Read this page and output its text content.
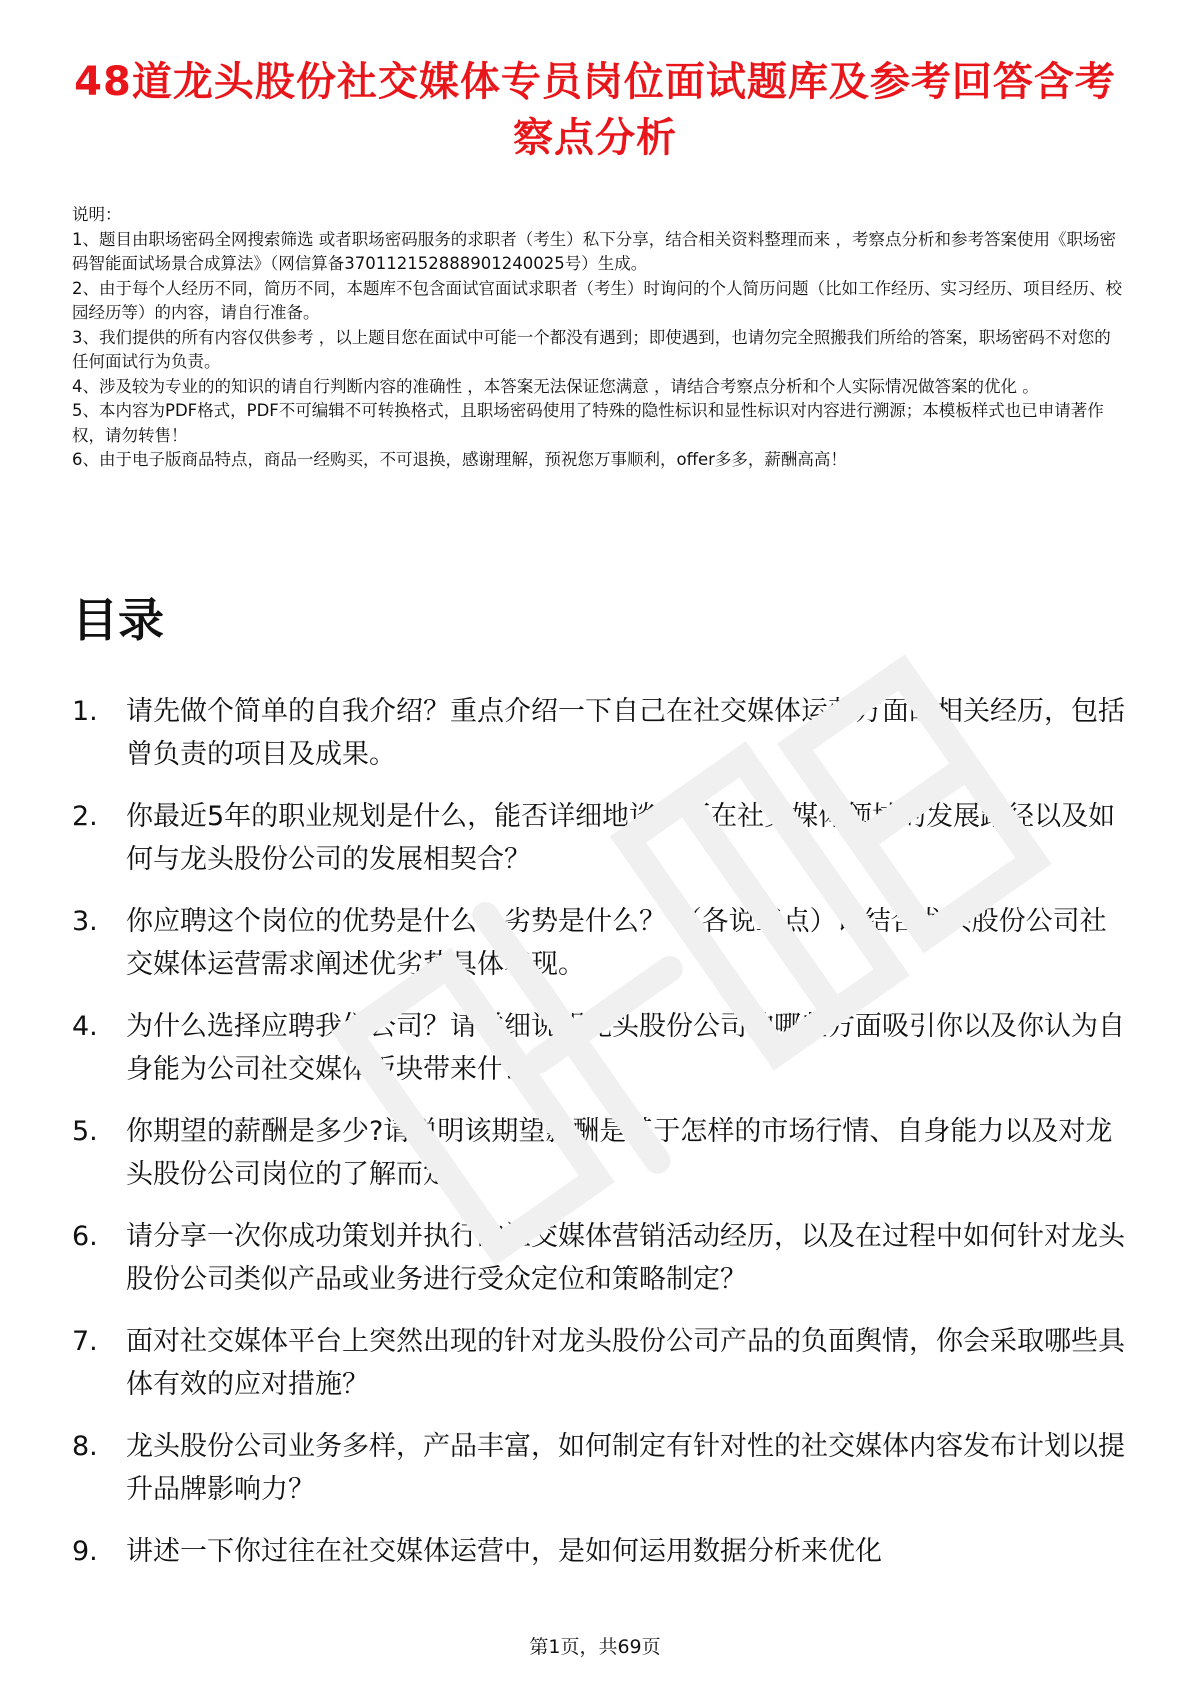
48道龙头股份社交媒体专员岗位面试题库及参考回答含考察点分析

说明：

1、题目由职场密码全网搜索筛选 或者职场密码服务的求职者（考生）私下分享，结合相关资料整理而来 ，考察点分析和参考答案使用《职场密码智能面试场景合成算法》（网信算备370112152888901240025号）生成。

2、由于每个人经历不同，简历不同，本题库不包含面试官面试求职者（考生）时询问的个人简历问题（比如工作经历、实习经历、项目经历、校园经历等）的内容，请自行准备。

3、我们提供的所有内容仅供参考 ，以上题目您在面试中可能一个都没有遇到；即使遇到，也请勿完全照搬我们所给的答案，职场密码不对您的任何面试行为负责。

4、涉及较为专业的的知识的请自行判断内容的准确性 ，本答案无法保证您满意 ，请结合考察点分析和个人实际情况做答案的优化 。

5、本内容为PDF格式，PDF不可编辑不可转换格式，且职场密码使用了特殊的隐性标识和显性标识对内容进行溯源；本模板样式也已申请著作权，请勿转售！

6、由于电子版商品特点，商品一经购买，不可退换，感谢理解，预祝您万事顺利，offer多多，薪酬高高！

目录
1.	请先做个简单的自我介绍？重点介绍一下自己在社交媒体运营方面的相关经历，包括曾负责的项目及成果。
2.	你最近5年的职业规划是什么，能否详细地谈一下在社交媒体领域的发展路径以及如何与龙头股份公司的发展相契合？
3.	你应聘这个岗位的优势是什么？劣势是什么？ （各说三点）请结合龙头股份公司社交媒体运营需求阐述优劣势具体表现。
4.	为什么选择应聘我们公司？请详细说明龙头股份公司的哪些方面吸引你以及你认为自身能为公司社交媒体板块带来什么。
5.	你期望的薪酬是多少?请说明该期望薪酬是基于怎样的市场行情、自身能力以及对龙头股份公司岗位的了解而定。
6.	请分享一次你成功策划并执行的社交媒体营销活动经历，以及在过程中如何针对龙头股份公司类似产品或业务进行受众定位和策略制定？
7.	面对社交媒体平台上突然出现的针对龙头股份公司产品的负面舆情，你会采取哪些具体有效的应对措施？
8.	龙头股份公司业务多样，产品丰富，如何制定有针对性的社交媒体内容发布计划以提升品牌影响力？
9.	讲述一下你过往在社交媒体运营中，是如何运用数据分析来优化
第1页，共69页
